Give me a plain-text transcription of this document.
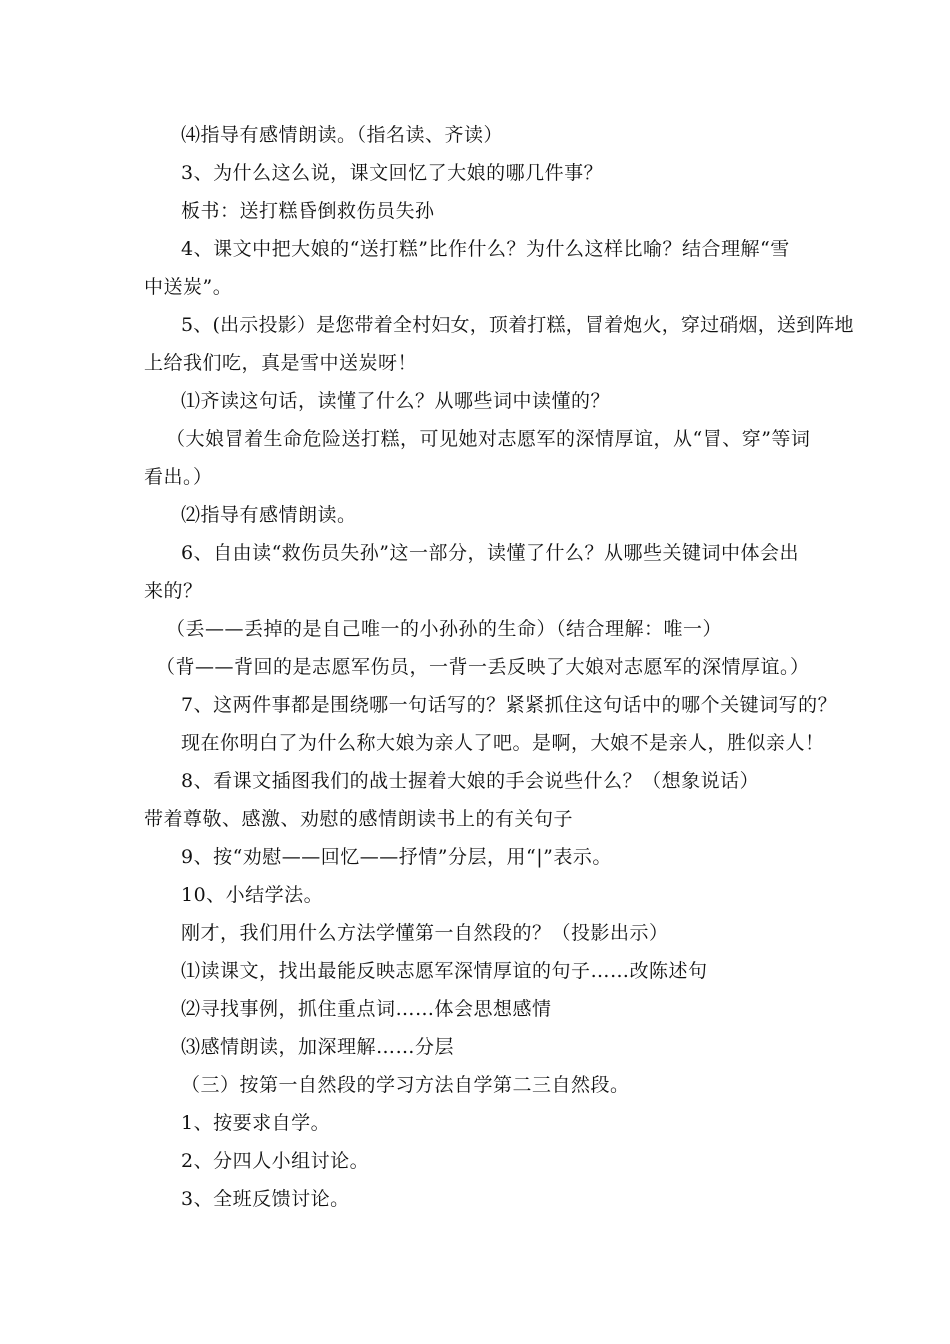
⑷指导有感情朗读。（指名读、齐读）
3、为什么这么说，课文回忆了大娘的哪几件事？
板书：送打糕昏倒救伤员失孙
4、课文中把大娘的“送打糕”比作什么？为什么这样比喻？结合理解“雪
中送炭”。
5、(出示投影）是您带着全村妇女，顶着打糕，冒着炮火，穿过硝烟，送到阵地
上给我们吃，真是雪中送炭呀！
⑴齐读这句话，读懂了什么？从哪些词中读懂的？
（大娘冒着生命危险送打糕，可见她对志愿军的深情厚谊，从“冒、穿”等词
看出。）
⑵指导有感情朗读。
6、自由读“救伤员失孙”这一部分，读懂了什么？从哪些关键词中体会出
来的？
（丢——丢掉的是自己唯一的小孙孙的生命）（结合理解：唯一）
（背——背回的是志愿军伤员，一背一丢反映了大娘对志愿军的深情厚谊。）
7、这两件事都是围绕哪一句话写的？紧紧抓住这句话中的哪个关键词写的？
现在你明白了为什么称大娘为亲人了吧。是啊，大娘不是亲人，胜似亲人！
8、看课文插图我们的战士握着大娘的手会说些什么？（想象说话）
带着尊敬、感激、劝慰的感情朗读书上的有关句子
9、按“劝慰——回忆——抒情”分层，用“|”表示。
10、小结学法。
刚才，我们用什么方法学懂第一自然段的？（投影出示）
⑴读课文，找出最能反映志愿军深情厚谊的句子……改陈述句
⑵寻找事例，抓住重点词……体会思想感情
⑶感情朗读，加深理解……分层
（三）按第一自然段的学习方法自学第二三自然段。
1、按要求自学。
2、分四人小组讨论。
3、全班反馈讨论。
